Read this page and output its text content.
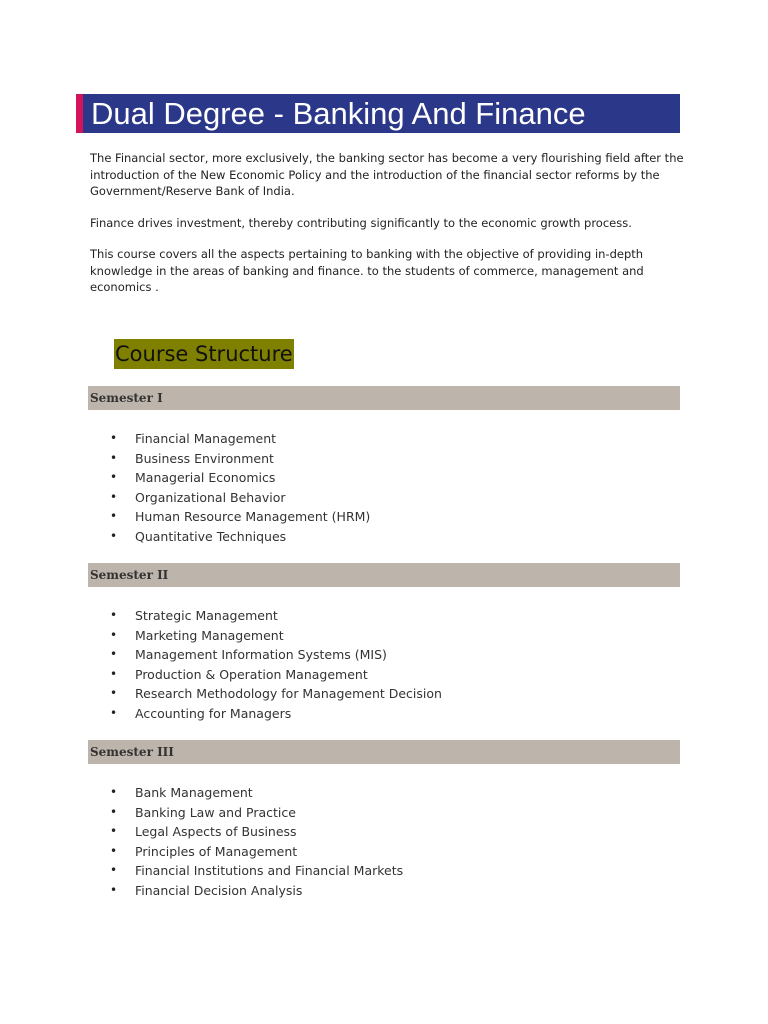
Dual Degree - Banking And Finance

The Financial sector, more exclusively, the banking sector has become a very flourishing field after the introduction of the New Economic Policy and the introduction of the financial sector reforms by the Government/Reserve Bank of India.

Finance drives investment, thereby contributing significantly to the economic growth process.

This course covers all the aspects pertaining to banking with the objective of providing in-depth knowledge in the areas of banking and finance. to the students of commerce, management and economics .

Course Structure
Semester I
• Financial Management
• Business Environment
• Managerial Economics
• Organizational Behavior
• Human Resource Management (HRM)
• Quantitative Techniques
Semester II
• Strategic Management
• Marketing Management
• Management Information Systems (MIS)
• Production & Operation Management
• Research Methodology for Management Decision
• Accounting for Managers
Semester III
• Bank Management
• Banking Law and Practice
• Legal Aspects of Business
• Principles of Management
• Financial Institutions and Financial Markets
• Financial Decision Analysis
